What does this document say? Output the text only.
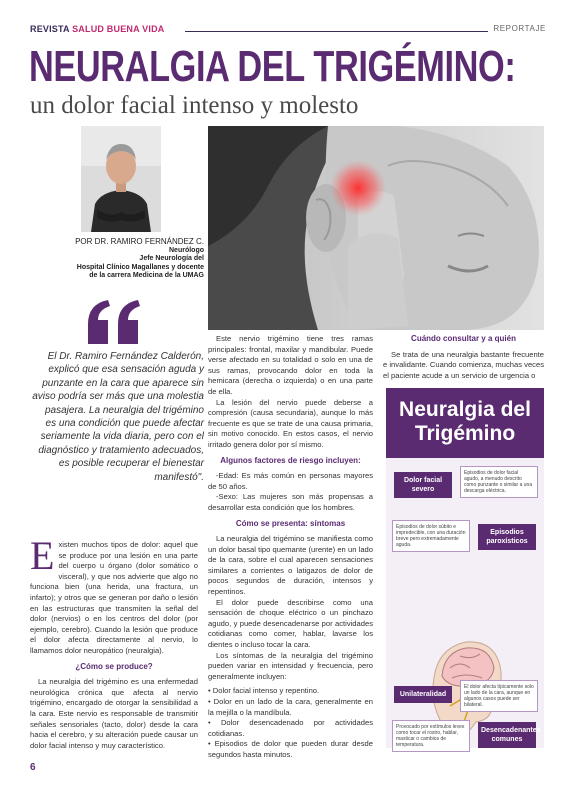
REVISTA SALUD BUENA VIDA	REPORTAJE
NEURALGIA DEL TRIGÉMINO:
un dolor facial intenso y molesto
POR DR. RAMIRO FERNÁNDEZ C.
Neurólogo
Jefe Neurología del
Hospital Clínico Magallanes y docente
de la carrera Medicina de la UMAG
El Dr. Ramiro Fernández Calderón, explicó que esa sensación aguda y punzante en la cara que aparece sin aviso podría ser más que una molestia pasajera. La neuralgia del trigémino es una condición que puede afectar seriamente la vida diaria, pero con el diagnóstico y tratamiento adecuados, es posible recuperar el bienestar manifestó".

Existen muchos tipos de dolor: aquel que se produce por una lesión en una parte del cuerpo u órgano (dolor somático o visceral), y que nos advierte que algo no funciona bien (una herida, una fractura, un infarto); y otros que se generan por daño o lesión en las estructuras que transmiten la señal del dolor (nervios) o en los centros del dolor (por ejemplo, cerebro). Cuando la lesión que produce el dolor afecta directamente al nervio, lo llamamos dolor neuropático (neuralgia).

¿Cómo se produce?

La neuralgia del trigémino es una enfermedad neurológica crónica que afecta al nervio trigémino, encargado de otorgar la sensibilidad a la cara. Este nervio es responsable de transmitir señales sensoriales (tacto, dolor) desde la cara hacia el cerebro, y su alteración puede causar un dolor facial intenso y muy característico.

Este nervio trigémino tiene tres ramas principales: frontal, maxilar y mandibular. Puede verse afectado en su totalidad o solo en una de sus ramas, provocando dolor en toda la hemicara (derecha o izquierda) o en una parte de ella.

La lesión del nervio puede deberse a compresión (causa secundaria), aunque lo más frecuente es que se trate de una causa primaria, sin motivo conocido. En estos casos, el nervio irritado genera dolor por sí mismo.

Algunos factores de riesgo incluyen:

-Edad: Es más común en personas mayores de 50 años.

-Sexo: Las mujeres son más propensas a desarrollar esta condición que los hombres.

Cómo se presenta: síntomas

La neuralgia del trigémino se manifiesta como un dolor basal tipo quemante (urente) en un lado de la cara, sobre el cual aparecen sensaciones similares a corrientes o latigazos de dolor de pocos segundos de duración, intensos y repentinos.

El dolor puede describirse como una sensación de choque eléctrico o un pinchazo agudo, y puede desencadenarse por actividades cotidianas como comer, hablar, lavarse los dientes o incluso tocar la cara.

Los síntomas de la neuralgia del trigémino pueden variar en intensidad y frecuencia, pero generalmente incluyen:

• Dolor facial intenso y repentino.

• Dolor en un lado de la cara, generalmente en la mejilla o la mandíbula.

• Dolor desencadenado por actividades cotidianas.

• Episodios de dolor que pueden durar desde segundos hasta minutos.

Cuándo consultar y a quién

Se trata de una neuralgia bastante frecuente e invalidante. Cuando comienza, muchas veces el paciente acude a un servicio de urgencia o

Neuralgia del
Trigémino
Dolor facial severo
Episodios de dolor facial agudo, a menudo descrito como punzante o similar a una descarga eléctrica.
Episodios de dolor súbito e impredecible, con una duración breve pero extremadamente aguda.
Episodios paroxísticos
Unilateralidad
El dolor afecta típicamente solo un lado de la cara, aunque en algunos casos puede ser bilateral.
Provocado por estímulos leves como tocar el rostro, hablar, masticar o cambios de temperatura.
Desencadenantes comunes
6
